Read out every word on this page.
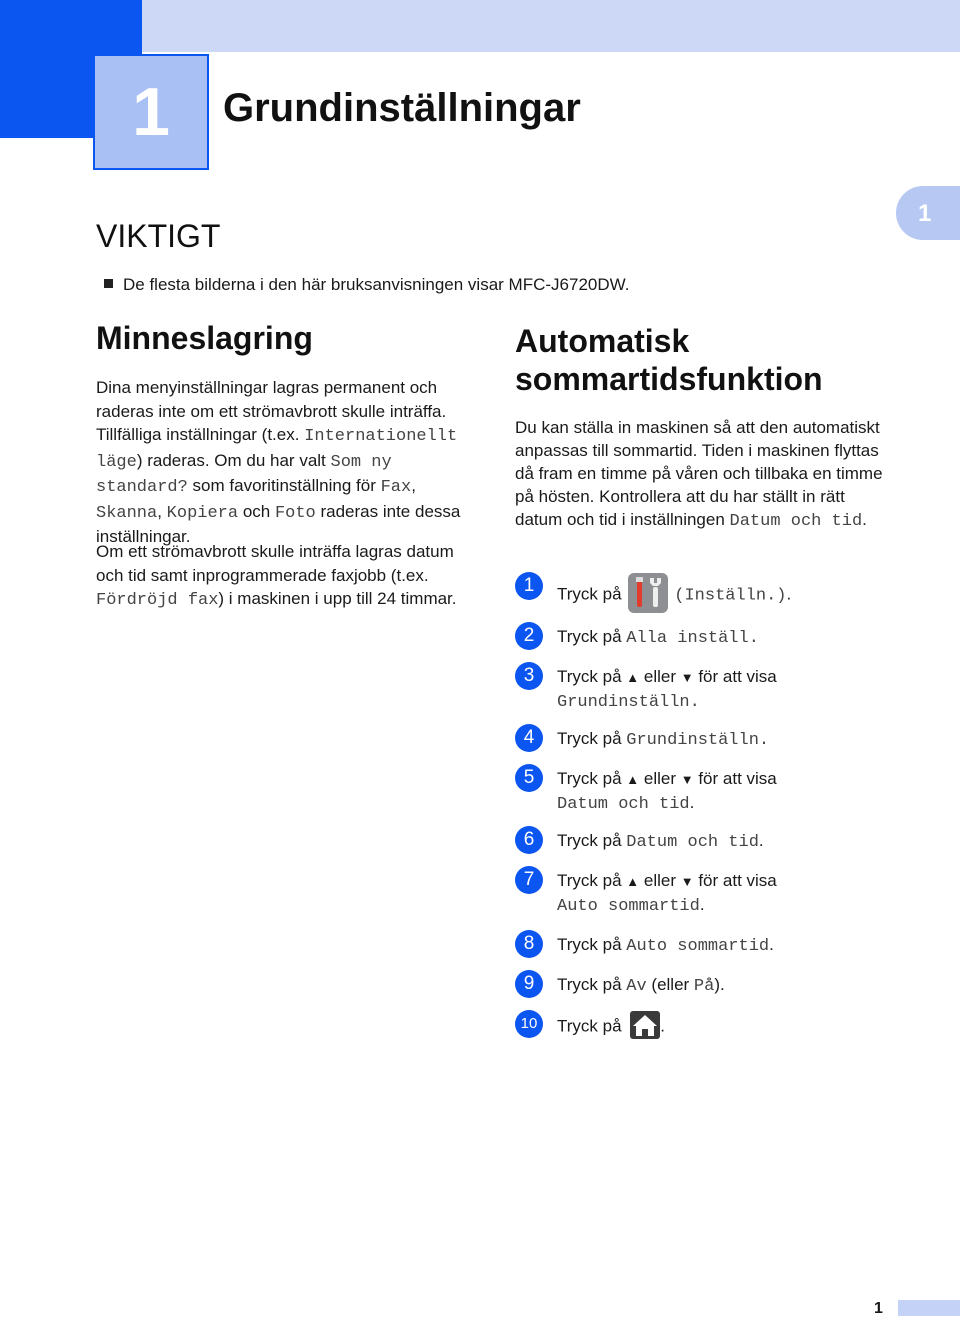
1	Grundinställningar
1
VIKTIGT
De flesta bilderna i den här bruksanvisningen visar MFC-J6720DW.
Minneslagring

Dina menyinställningar lagras permanent och raderas inte om ett strömavbrott skulle inträffa. Tillfälliga inställningar (t.ex. Internationellt läge) raderas. Om du har valt Som ny standard? som favoritinställning för Fax, Skanna, Kopiera och Foto raderas inte dessa inställningar.

Om ett strömavbrott skulle inträffa lagras datum och tid samt inprogrammerade faxjobb (t.ex. Fördröjd fax) i maskinen i upp till 24 timmar.

Automatisk
sommartidsfunktion

Du kan ställa in maskinen så att den automatiskt anpassas till sommartid. Tiden i maskinen flyttas då fram en timme på våren och tillbaka en timme på hösten. Kontrollera att du har ställt in rätt datum och tid i inställningen Datum och tid.

1	Tryck på	(Inställn.).
2	Tryck på Alla inställ.
3	Tryck på ▲ eller ▼ för att visa
Grundinställn.
4	Tryck på Grundinställn.
5	Tryck på ▲ eller ▼ för att visa
Datum och tid.
6	Tryck på Datum och tid.
7	Tryck på ▲ eller ▼ för att visa
Auto sommartid.
8	Tryck på Auto sommartid.
9	Tryck på Av (eller På).
10	Tryck på .
1
